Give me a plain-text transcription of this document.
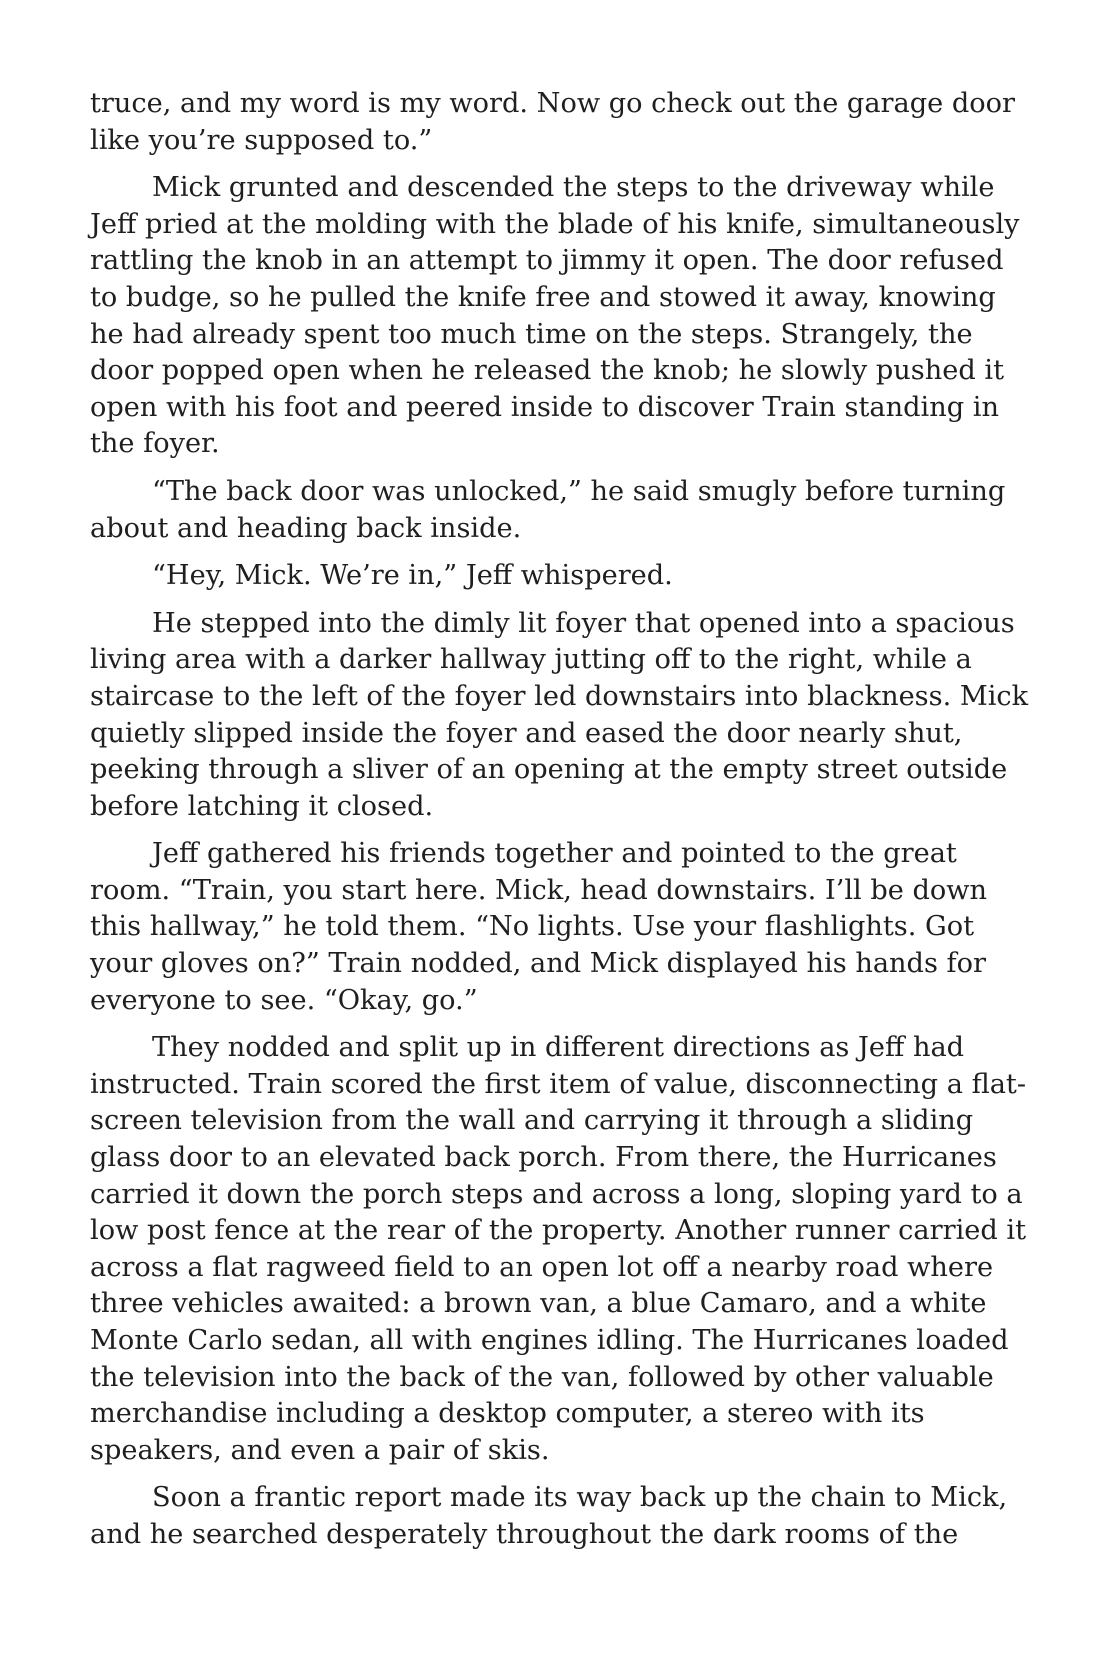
truce, and my word is my word. Now go check out the garage door
like you’re supposed to.”

Mick grunted and descended the steps to the driveway while
Jeff pried at the molding with the blade of his knife, simultaneously
rattling the knob in an attempt to jimmy it open. The door refused
to budge, so he pulled the knife free and stowed it away, knowing
he had already spent too much time on the steps. Strangely, the
door popped open when he released the knob; he slowly pushed it
open with his foot and peered inside to discover Train standing in
the foyer.

“The back door was unlocked,” he said smugly before turning
about and heading back inside.

“Hey, Mick. We’re in,” Jeff whispered.

He stepped into the dimly lit foyer that opened into a spacious
living area with a darker hallway jutting off to the right, while a
staircase to the left of the foyer led downstairs into blackness. Mick
quietly slipped inside the foyer and eased the door nearly shut,
peeking through a sliver of an opening at the empty street outside
before latching it closed.

Jeff gathered his friends together and pointed to the great
room. “Train, you start here. Mick, head downstairs. I’ll be down
this hallway,” he told them. “No lights. Use your flashlights. Got
your gloves on?” Train nodded, and Mick displayed his hands for
everyone to see. “Okay, go.”

They nodded and split up in different directions as Jeff had
instructed. Train scored the first item of value, disconnecting a flat-
screen television from the wall and carrying it through a sliding
glass door to an elevated back porch. From there, the Hurricanes
carried it down the porch steps and across a long, sloping yard to a
low post fence at the rear of the property. Another runner carried it
across a flat ragweed field to an open lot off a nearby road where
three vehicles awaited: a brown van, a blue Camaro, and a white
Monte Carlo sedan, all with engines idling. The Hurricanes loaded
the television into the back of the van, followed by other valuable
merchandise including a desktop computer, a stereo with its
speakers, and even a pair of skis.

Soon a frantic report made its way back up the chain to Mick,
and he searched desperately throughout the dark rooms of the
